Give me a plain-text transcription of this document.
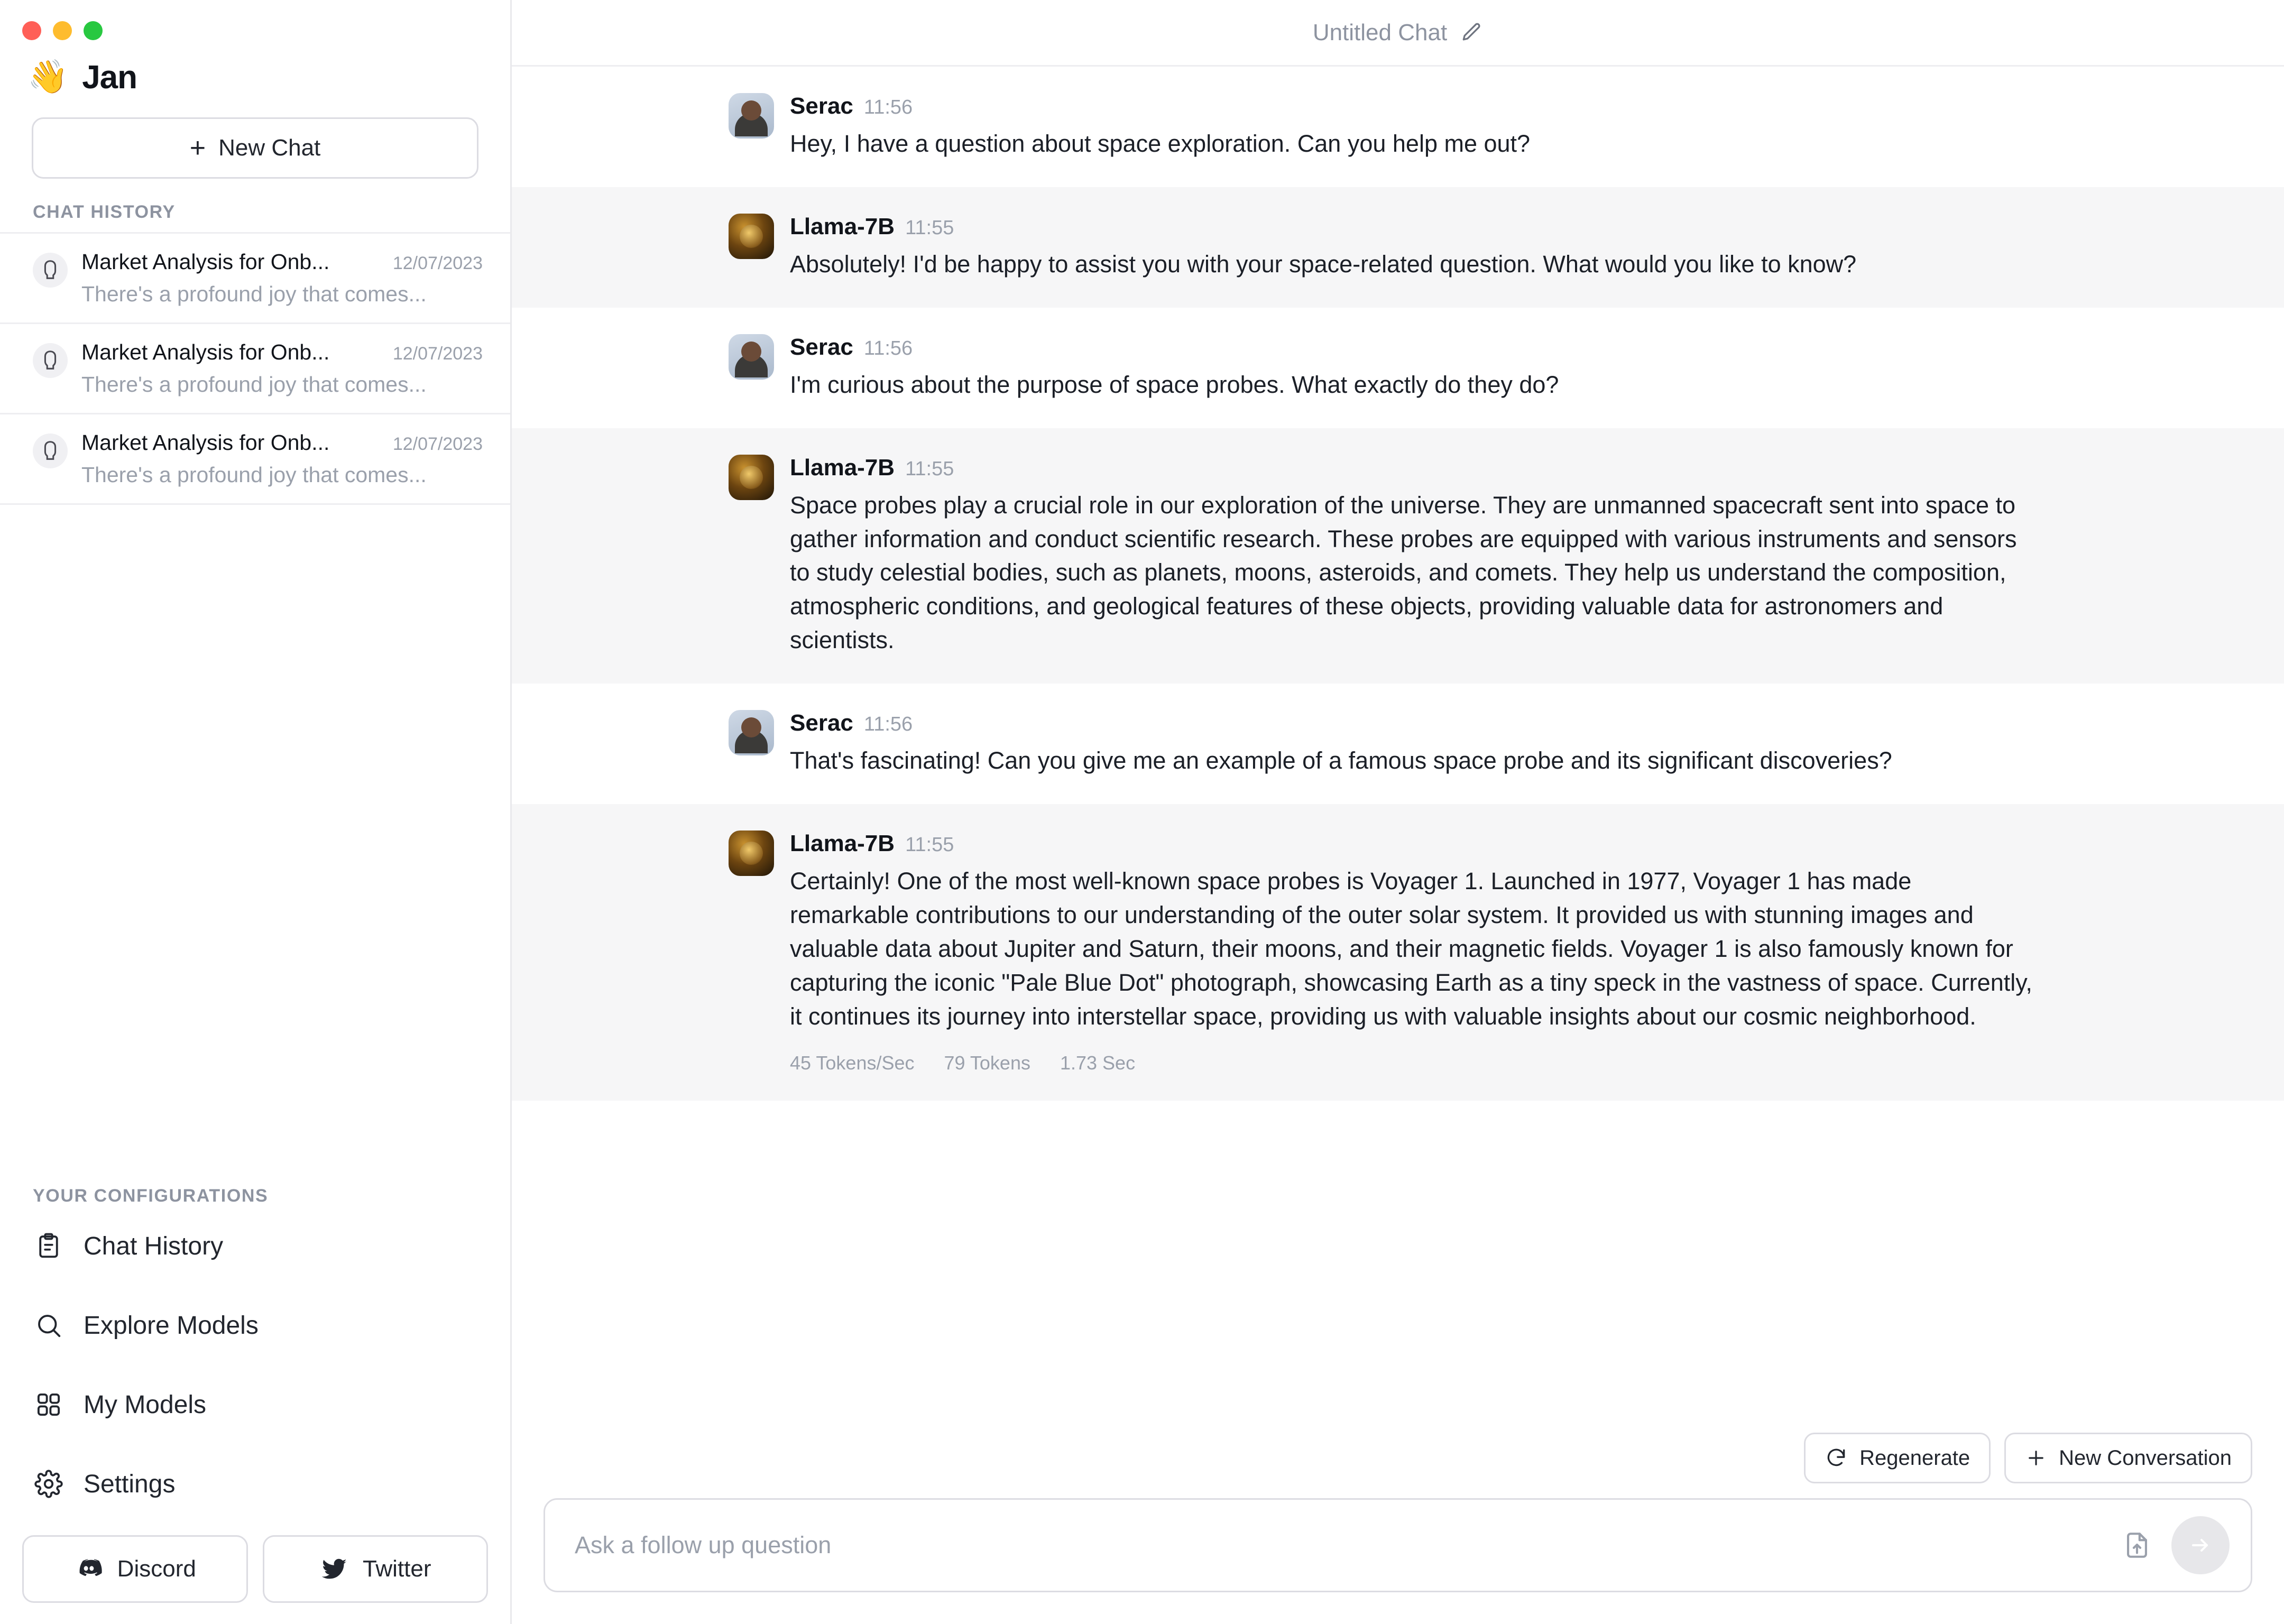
👋 Jan
+ New Chat
CHAT HISTORY
Market Analysis for Onb...	12/07/2023
There's a profound joy that comes...
Market Analysis for Onb...	12/07/2023
There's a profound joy that comes...
Market Analysis for Onb...	12/07/2023
There's a profound joy that comes...
YOUR CONFIGURATIONS
Chat History
Explore Models
My Models
Settings
Discord	Twitter
Untitled Chat
Serac 11:56
Hey, I have a question about space exploration. Can you help me out?
Llama-7B 11:55
Absolutely! I'd be happy to assist you with your space-related question. What would you like to know?
Serac 11:56
I'm curious about the purpose of space probes. What exactly do they do?
Llama-7B 11:55
Space probes play a crucial role in our exploration of the universe. They are unmanned spacecraft sent into space to gather information and conduct scientific research. These probes are equipped with various instruments and sensors to study celestial bodies, such as planets, moons, asteroids, and comets. They help us understand the composition, atmospheric conditions, and geological features of these objects, providing valuable data for astronomers and scientists.
Serac 11:56
That's fascinating! Can you give me an example of a famous space probe and its significant discoveries?
Llama-7B 11:55
Certainly! One of the most well-known space probes is Voyager 1. Launched in 1977, Voyager 1 has made remarkable contributions to our understanding of the outer solar system. It provided us with stunning images and valuable data about Jupiter and Saturn, their moons, and their magnetic fields. Voyager 1 is also famously known for capturing the iconic "Pale Blue Dot" photograph, showcasing Earth as a tiny speck in the vastness of space. Currently, it continues its journey into interstellar space, providing us with valuable insights about our cosmic neighborhood.
45 Tokens/Sec 79 Tokens 1.73 Sec
Regenerate	New Conversation
Ask a follow up question
